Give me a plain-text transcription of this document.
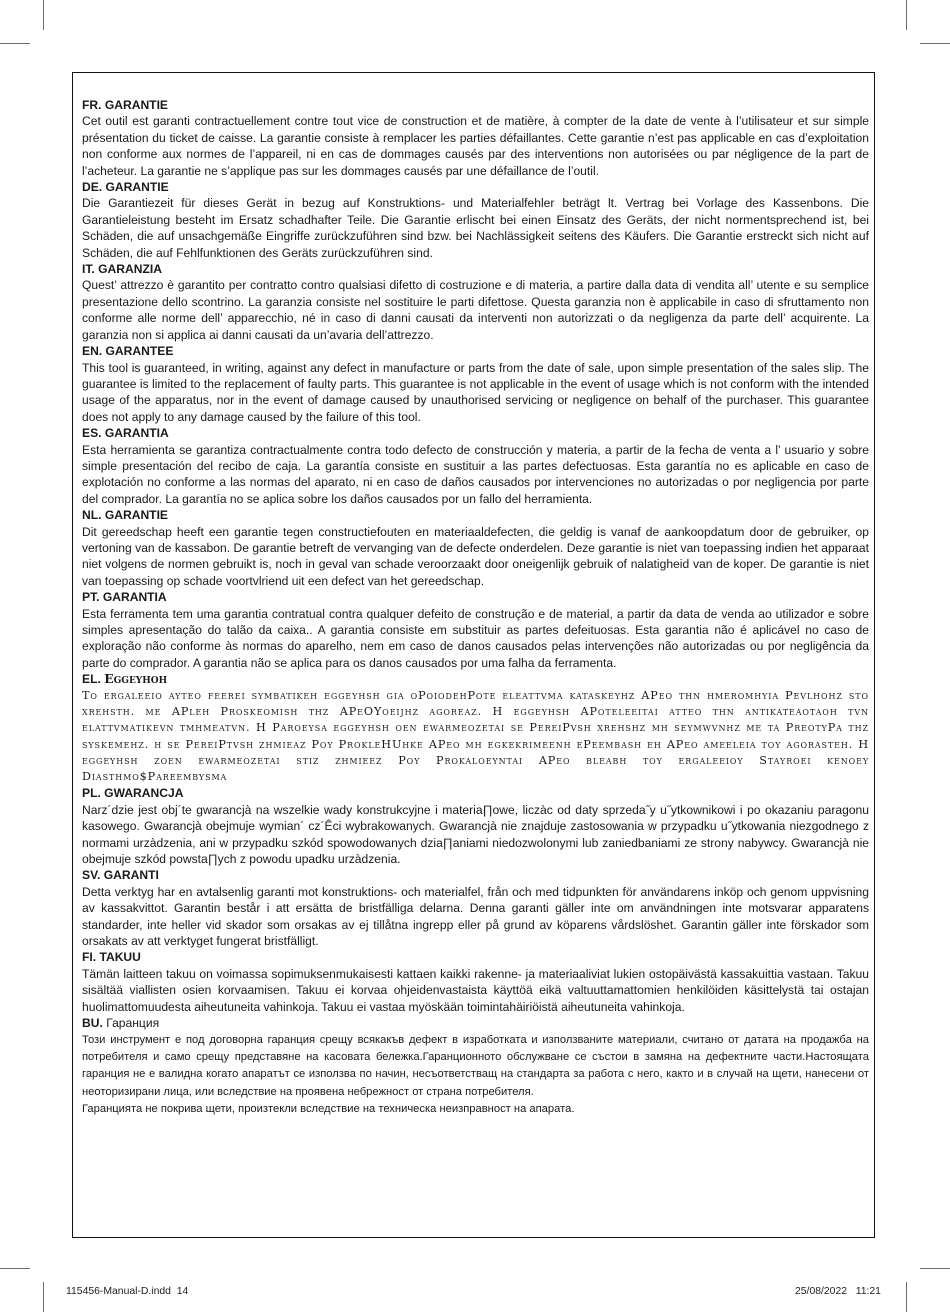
FR. GARANTIE

Cet outil est garanti contractuellement contre tout vice de construction et de matière, à compter de la date de vente à l’utilisateur et sur simple présentation du ticket de caisse. La garantie consiste à remplacer les parties défaillantes. Cette garantie n’est pas applicable en cas d’exploitation non conforme aux normes de l’appareil, ni en cas de dommages causés par des interventions non autorisées ou par négligence de la part de l’acheteur. La garantie ne s’applique pas sur les dommages causés par une défaillance de l’outil.

DE. GARANTIE

Die Garantiezeit für dieses Gerät in bezug auf Konstruktions- und Materialfehler beträgt lt. Vertrag bei Vorlage des Kassenbons. Die Garantieleistung besteht im Ersatz schadhafter Teile. Die Garantie erlischt bei einen Einsatz des Geräts, der nicht normentsprechend ist, bei Schäden, die auf unsachgemäße Eingriffe zurückzuführen sind bzw. bei Nachlässigkeit seitens des Käufers. Die Garantie erstreckt sich nicht auf Schäden, die auf Fehlfunktionen des Geräts zurückzuführen sind.

IT. GARANZIA

Quest’ attrezzo è garantito per contratto contro qualsiasi difetto di costruzione e di materia, a partire dalla data di vendita all’ utente e su semplice presentazione dello scontrino. La garanzia consiste nel sostituire le parti difettose. Questa garanzia non è applicabile in caso di sfruttamento non conforme alle norme dell’ apparecchio, né in caso di danni causati da interventi non autorizzati o da negligenza da parte dell’ acquirente. La garanzia non si applica ai danni causati da un’avaria dell’attrezzo.

EN. GARANTEE

This tool is guaranteed, in writing, against any defect in manufacture or parts from the date of sale, upon simple presentation of the sales slip. The guarantee is limited to the replacement of faulty parts. This guarantee is not applicable in the event of usage which is not conform with the intended usage of the apparatus, nor in the event of damage caused by unauthorised servicing or negligence on behalf of the purchaser. This guarantee does not apply to any damage caused by the failure of this tool.

ES. GARANTIA

Esta herramienta se garantiza contractualmente contra todo defecto de construcción y materia, a partir de la fecha de venta a l’ usuario y sobre simple presentación del recibo de caja. La garantía consiste en sustituir a las partes defectuosas. Esta garantía no es aplicable en caso de explotación no conforme a las normas del aparato, ni en caso de daños causados por intervenciones no autorizadas o por negligencia por parte del comprador. La garantía no se aplica sobre los daños causados por un fallo del herramienta.

NL. GARANTIE

Dit gereedschap heeft een garantie tegen constructiefouten en materiaaldefecten, die geldig is vanaf de aankoopdatum door de gebruiker, op vertoning van de kassabon. De garantie betreft de vervanging van de defecte onderdelen. Deze garantie is niet van toepassing indien het apparaat niet volgens de normen gebruikt is, noch in geval van schade veroorzaakt door oneigenlijk gebruik of nalatigheid van de koper. De garantie is niet van toepassing op schade voortvlriend uit een defect van het gereedschap.

PT. GARANTIA

Esta ferramenta tem uma garantia contratual contra qualquer defeito de construção e de material, a partir da data de venda ao utilizador e sobre simples apresentação do talão da caixa.. A garantia consiste em substituir as partes defeituosas. Esta garantia não é aplicável no caso de exploração não conforme às normas do aparelho, nem em caso de danos causados pelas intervenções não autorizadas ou por negligência da parte do comprador. A garantia não se aplica para os danos causados por uma falha da ferramenta.

EL. Eggeyhoh

To ergaleeio ayteo feerei symbatikeh eggeyhsh gia oPoiodehPote eleattvma kataskeyhz APeo thn hmeromhyia Pevlhohz sto xrehsth. me APleh Proskeomish thz APeOYoeijhz agoreaz. H eggeyhsh APoteleeitai atteo thn antikateaotaoh tvn elattvmatikevn tmhmeatvn. H Paroeysa eggeyhsh oen ewarmeozetai se PereiPvsh xrehshz mh seymwvnhz me ta PreotyPa thz syskemehz. h se PereiPtvsh zhmieaz Poy ProkleHUhke APeo mh egkekrimeenh ePeembash eh APeo ameeleia toy agorasteh. H eggeyhsh zoen ewarmeozetai stiz zhmieez Poy Prokaloeyntai APeo bleabh toy ergaleeioy Stayroei kenoey Diasthmo$Pareembysma

PL. GWARANCJA

Narz´dzie jest obj´te gwarancjà na wszelkie wady konstrukcyjne i materia∏owe, liczàc od daty sprzeda˝y u˝ytkownikowi i po okazaniu paragonu kasowego. Gwarancjà obejmuje wymian´ cz´Êci wybrakowanych. Gwarancjà nie znajduje zastosowania w przypadku u˝ytkowania niezgodnego z normami urzàdzenia, ani w przypadku szkód spowodowanych dzia∏aniami niedozwolonymi lub zaniedbaniami ze strony nabywcy. Gwarancjà nie obejmuje szkód powsta∏ych z powodu upadku urzàdzenia.

SV. GARANTI

Detta verktyg har en avtalsenlig garanti mot konstruktions- och materialfel, från och med tidpunkten för användarens inköp och genom uppvisning av kassakvittot. Garantin består i att ersätta de bristfälliga delarna. Denna garanti gäller inte om användningen inte motsvarar apparatens standarder, inte heller vid skador som orsakas av ej tillåtna ingrepp eller på grund av köparens vårdslöshet. Garantin gäller inte förskador som orsakats av att verktyget fungerat bristfälligt.

FI. TAKUU

Tämän laitteen takuu on voimassa sopimuksenmukaisesti kattaen kaikki rakenne- ja materiaaliviat lukien ostopäivästä kassakuittia vastaan. Takuu sisältää viallisten osien korvaamisen. Takuu ei korvaa ohjeidenvastaista käyttöä eikä valtuuttamattomien henkilöiden käsittelystä tai ostajan huolimattomuudesta aiheutuneita vahinkoja. Takuu ei vastaa myöskään toimintahäiriöistä aiheutuneita vahinkoja.

BU. Гаранция

Този инструмент е под договорна гаранция срещу всякакъв дефект в изработката и използваните материали, считано от датата на продажба на потребителя и само срещу представяне на касовата бележка.Гаранционното обслужване се състои в замяна на дефектните части.Настоящата гаранция не е валидна когато апаратът се използва по начин, несъответстващ на стандарта за работа с него, както и в случай на щети, нанесени от неоторизирани лица, или вследствие на проявена небрежност от страна потребителя.

Гаранцията не покрива щети, произтекли вследствие на техническа неизправност на апарата.

115456-Manual-D.indd 14	25/08/2022 11:21
